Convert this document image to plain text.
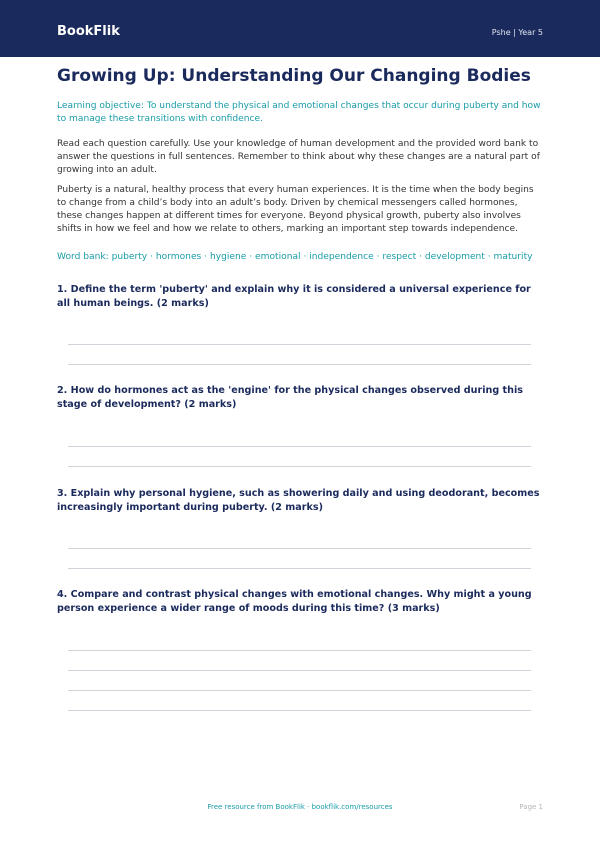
BookFlik	Pshe | Year 5
Growing Up: Understanding Our Changing Bodies

Learning objective: To understand the physical and emotional changes that occur during puberty and how to manage these transitions with confidence.

Read each question carefully. Use your knowledge of human development and the provided word bank to answer the questions in full sentences. Remember to think about why these changes are a natural part of growing into an adult.

Puberty is a natural, healthy process that every human experiences. It is the time when the body begins to change from a child’s body into an adult’s body. Driven by chemical messengers called hormones, these changes happen at different times for everyone. Beyond physical growth, puberty also involves shifts in how we feel and how we relate to others, marking an important step towards independence.

Word bank: puberty · hormones · hygiene · emotional · independence · respect · development · maturity

1. Define the term 'puberty' and explain why it is considered a universal experience for all human beings. (2 marks)

2. How do hormones act as the 'engine' for the physical changes observed during this stage of development? (2 marks)

3. Explain why personal hygiene, such as showering daily and using deodorant, becomes increasingly important during puberty. (2 marks)

4. Compare and contrast physical changes with emotional changes. Why might a young person experience a wider range of moods during this time? (3 marks)

Free resource from BookFlik · bookflik.com/resources	Page 1
